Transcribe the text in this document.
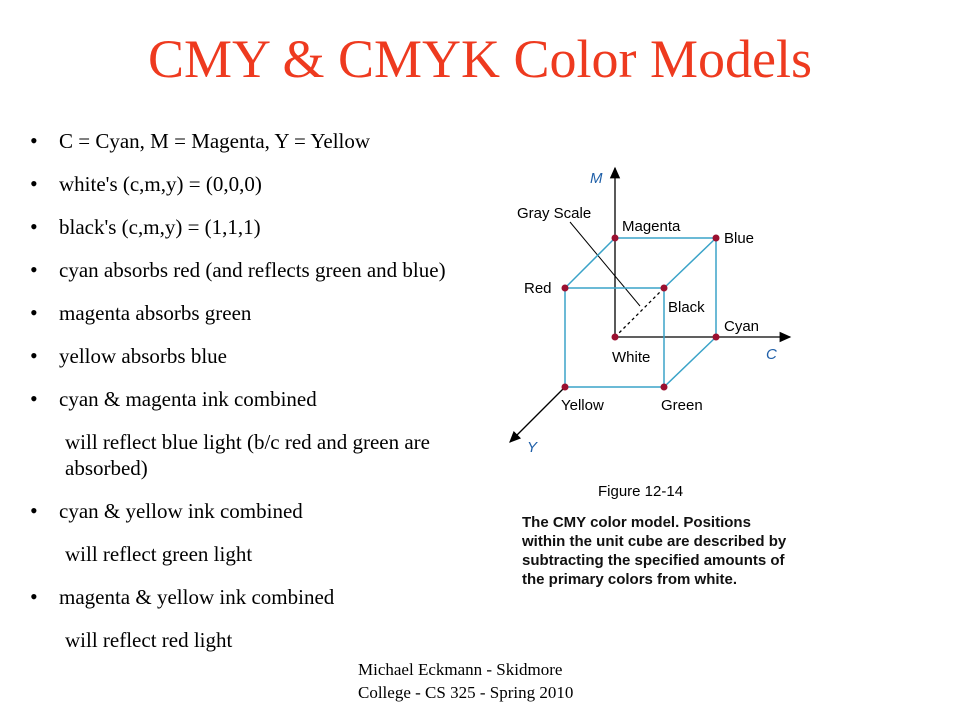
CMY & CMYK Color Models
• C = Cyan, M = Magenta, Y = Yellow
• white's (c,m,y) = (0,0,0)
• black's (c,m,y) = (1,1,1)
• cyan absorbs red (and reflects green and blue)
• magenta absorbs green
• yellow absorbs blue
• cyan & magenta ink combined
will reflect blue light (b/c red and green are absorbed)
• cyan & yellow ink combined
will reflect green light
• magenta & yellow ink combined
will reflect red light
M
C
Y
Gray Scale
Magenta
Blue
Red
Black
Cyan
White
Yellow	Green
Figure 12-14
The CMY color model. Positions within the unit cube are described by subtracting the specified amounts of the primary colors from white.
Michael Eckmann - Skidmore
College - CS 325 - Spring 2010
